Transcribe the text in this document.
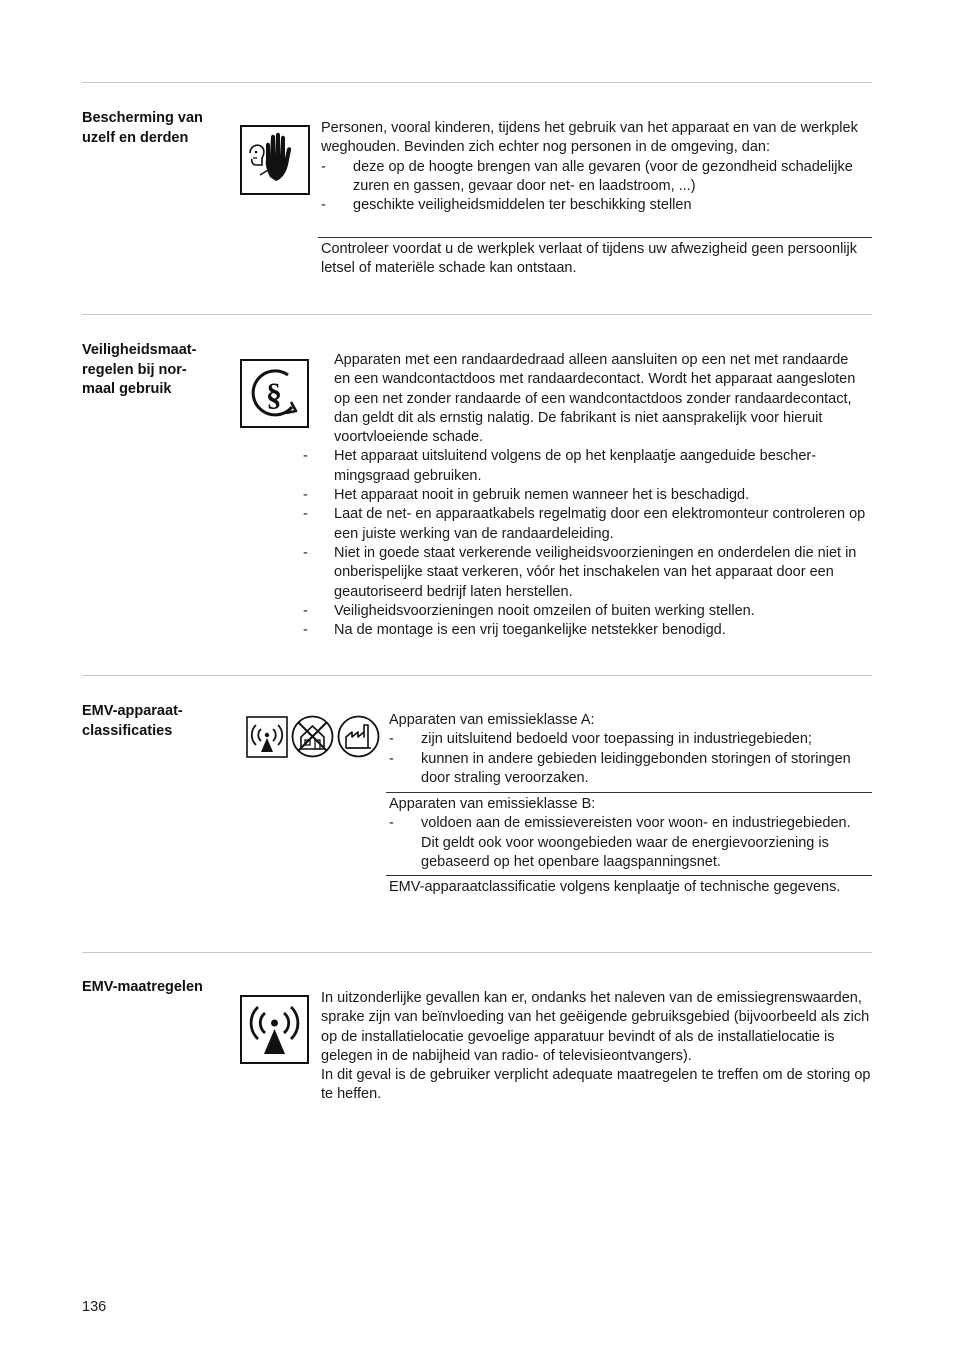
Bescherming van uzelf en derden

Personen, vooral kinderen, tijdens het gebruik van het apparaat en van de werkplek weghouden. Bevinden zich echter nog personen in de omgeving, dan:

- deze op de hoogte brengen van alle gevaren (voor de gezondheid schadelijke zuren en gassen, gevaar door net- en laadstroom, ...)
- geschikte veiligheidsmiddelen ter beschikking stellen

Controleer voordat u de werkplek verlaat of tijdens uw afwezigheid geen persoonlijk letsel of materiële schade kan ontstaan.

Veiligheidsmaatregelen bij normaal gebruik	§
Apparaten met een randaardedraad alleen aansluiten op een net met randaarde en een wandcontactdoos met randaardecontact. Wordt het apparaat aangesloten op een net zonder randaarde of een wandcontactdoos zonder randaardecontact, dan geldt dit als ernstig nalatig. De fabrikant is niet aansprakelijk voor hieruit voortvloeiende schade.
- Het apparaat uitsluitend volgens de op het kenplaatje aangeduide beschermingsgraad gebruiken.
- Het apparaat nooit in gebruik nemen wanneer het is beschadigd.
- Laat de net- en apparaatkabels regelmatig door een elektromonteur controleren op een juiste werking van de randaardeleiding.
- Niet in goede staat verkerende veiligheidsvoorzieningen en onderdelen die niet in onberispelijke staat verkeren, vóór het inschakelen van het apparaat door een geautoriseerd bedrijf laten herstellen.
- Veiligheidsvoorzieningen nooit omzeilen of buiten werking stellen.
- Na de montage is een vrij toegankelijke netstekker benodigd.
EMV-apparaatclassificaties

Apparaten van emissieklasse A:

- zijn uitsluitend bedoeld voor toepassing in industriegebieden;
- kunnen in andere gebieden leidinggebonden storingen of storingen door straling veroorzaken.

Apparaten van emissieklasse B:

- voldoen aan de emissievereisten voor woon- en industriegebieden. Dit geldt ook voor woongebieden waar de energievoorziening is gebaseerd op het openbare laagspanningsnet.

EMV-apparaatclassificatie volgens kenplaatje of technische gegevens.

EMV-maatregelen

In uitzonderlijke gevallen kan er, ondanks het naleven van de emissiegrenswaarden, sprake zijn van beïnvloeding van het geëigende gebruiksgebied (bijvoorbeeld als zich op de installatielocatie gevoelige apparatuur bevindt of als de installatielocatie is gelegen in de nabijheid van radio- of televisieontvangers).

In dit geval is de gebruiker verplicht adequate maatregelen te treffen om de storing op te heffen.

136
